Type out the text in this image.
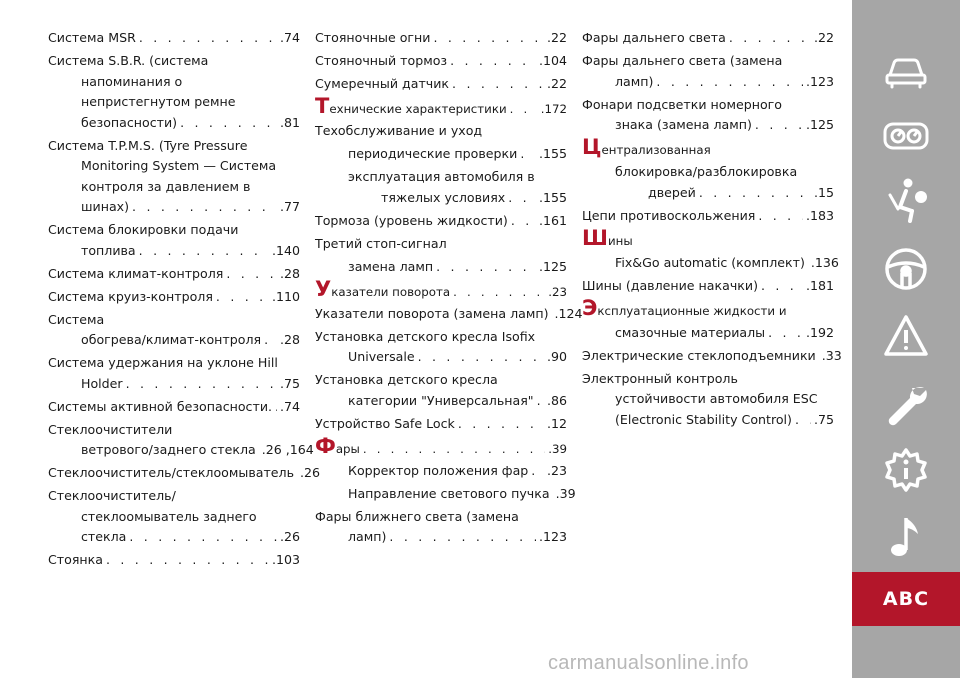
Система MSR . . .	.74
Система S.B.R. (система
напоминания о
непристегнутом ремне
безопасности) . . .	.81
Система T.P.M.S. (Tyre Pressure
Monitoring System — Система
контроля за давлением в
шинах) . . .	.77
Система блокировки подачи
топлива . . .	.140
Система климат-контроля . . .	.28
Система круиз-контроля . . .	.110
Система
обогрева/климат-контроля . . . .28
Система удержания на уклоне Hill
Holder . . .	.75
Системы активной безопасности. . . . .74
Стеклоочистители
ветрового/заднего стекла .26 ,164
Стеклоочиститель/стеклоомыватель .26
Стеклоочиститель/
стеклоомыватель заднего
стекла . . .	.26
Стоянка . . .	.103
Стояночные огни . . .	.22
Стояночный тормоз . . .	.104
Сумеречный датчик . . .	.22
Технические характеристики . . .	.172
Техобслуживание и уход
периодические проверки . . . .155
эксплуатация автомобиля в
тяжелых условиях . . .	.155
Тормоза (уровень жидкости) . . . .161
Третий стоп-сигнал
замена ламп . . .	.125
Указатели поворота . . .	.23
Указатели поворота (замена ламп) .124
Установка детского кресла Isofix
Universale . . .	.90
Установка детского кресла
категории "Универсальная" . . . .86
Устройство Safe Lock . . .	.12
Фары . . .	.39
Корректор положения фар . . . .23
Направление светового пучка .39
Фары ближнего света (замена
ламп) . . .	.123
Фары дальнего света . . .	.22
Фары дальнего света (замена
ламп) . . .	.123
Фонари подсветки номерного
знака (замена ламп) . . .	.125
Централизованная
блокировка/разблокировка
дверей . . .	.15
Цепи противоскольжения . . .	.183
Шины
Fix&Go automatic (комплект) .136
Шины (давление накачки) . . .	.181
Эксплуатационные жидкости и
смазочные материалы . . .	.192
Электрические стеклоподъемники .33
Электронный контроль
устойчивости автомобиля ESC
(Electronic Stability Control) . . . .75
ABC
carmanualsonline.info
